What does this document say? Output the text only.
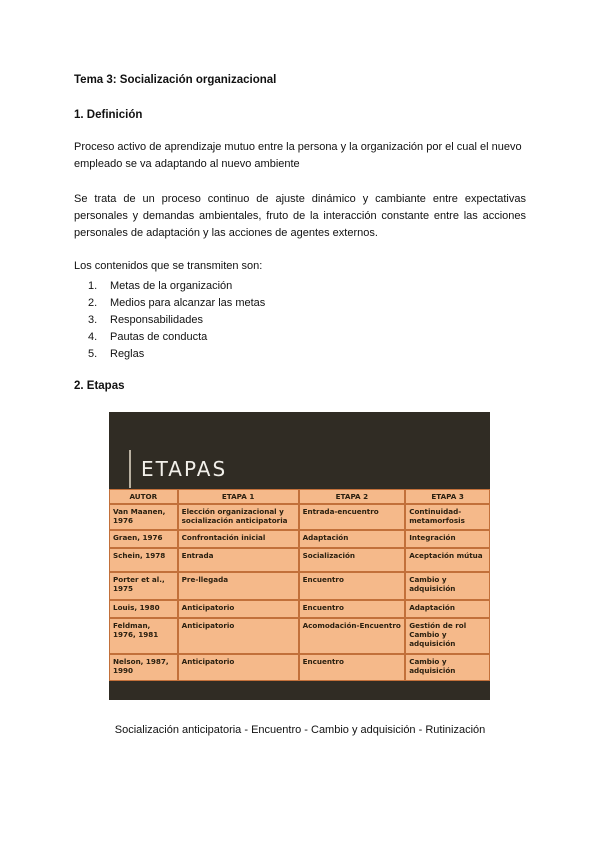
Tema 3: Socialización organizacional
1. Definición
Proceso activo de aprendizaje mutuo entre la persona y la organización por el cual el nuevo empleado se va adaptando al nuevo ambiente
Se trata de un proceso continuo de ajuste dinámico y cambiante entre expectativas personales y demandas ambientales, fruto de la interacción constante entre las acciones personales de adaptación y las acciones de agentes externos.
Los contenidos que se transmiten son:
1. Metas de la organización
2. Medios para alcanzar las metas
3. Responsabilidades
4. Pautas de conducta
5. Reglas
2. Etapas
ETAPAS
AUTOR	ETAPA 1	ETAPA 2	ETAPA 3
Van Maanen, 1976	Elección organizacional y socialización anticipatoria	Entrada-encuentro	Continuidad-metamorfosis
Graen, 1976	Confrontación inicial	Adaptación	Integración
Schein, 1978	Entrada	Socialización	Aceptación mútua
Porter et al., 1975	Pre-llegada	Encuentro	Cambio y adquisición
Louis, 1980	Anticipatorio	Encuentro	Adaptación
Feldman, 1976, 1981	Anticipatorio	Acomodación-Encuentro	Gestión de rol Cambio y adquisición
Nelson, 1987, 1990	Anticipatorio	Encuentro	Cambio y adquisición
Socialización anticipatoria - Encuentro - Cambio y adquisición - Rutinización
